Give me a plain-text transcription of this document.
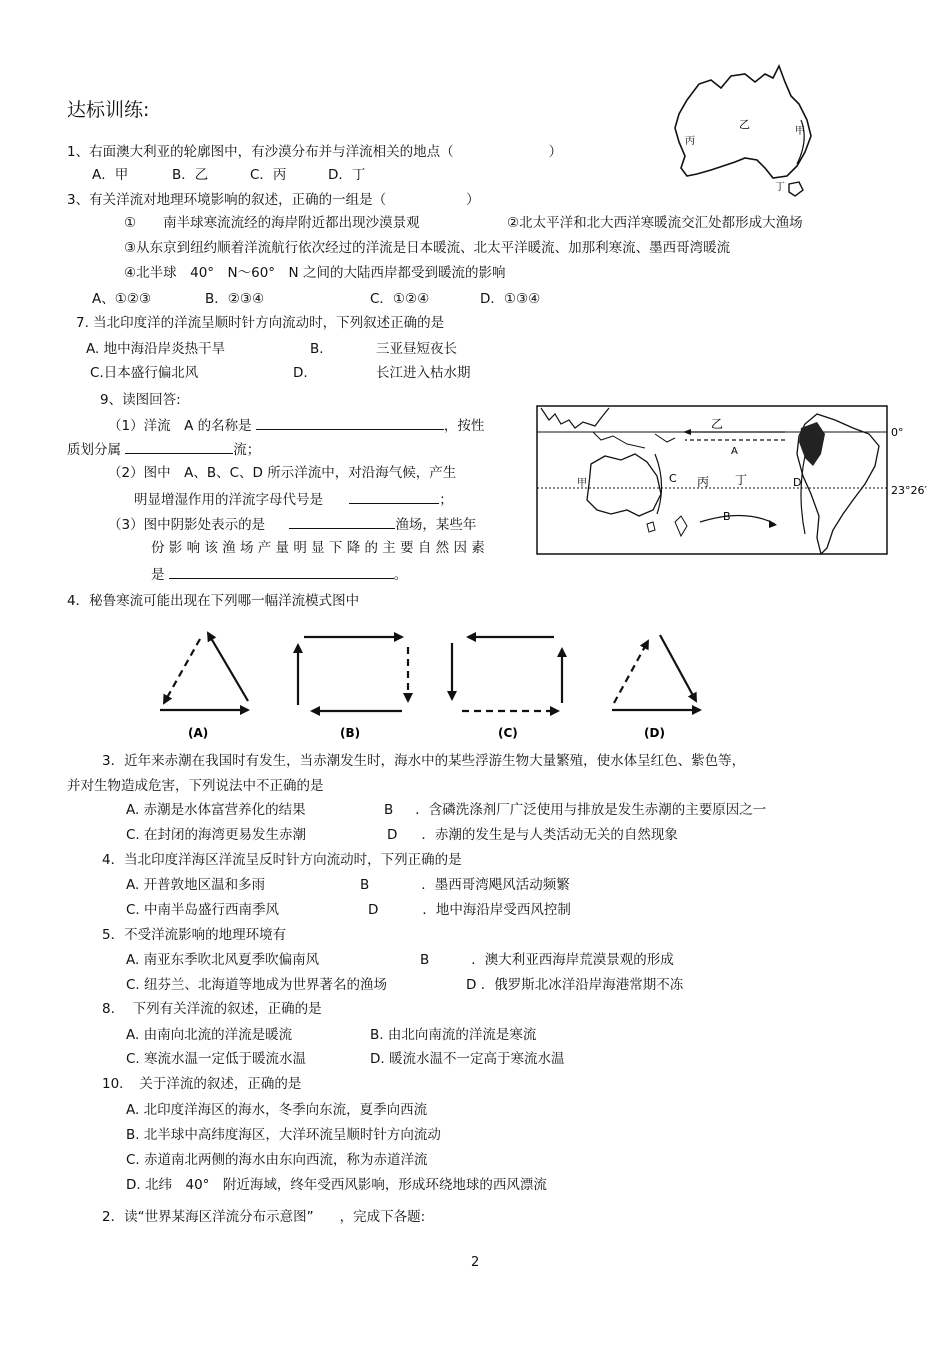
达标训练:
乙
丙
甲
丁
1、右面澳大利亚的轮廓图中，有沙漠分布并与洋流相关的地点（	）
A．甲	B．乙	C．丙	D．丁
3、有关洋流对地理环境影响的叙述，正确的一组是（	）
①　　南半球寒流流经的海岸附近都出现沙漠景观	②北太平洋和北大西洋寒暖流交汇处都形成大渔场
③从东京到纽约顺着洋流航行依次经过的洋流是日本暖流、北太平洋暖流、加那利寒流、墨西哥湾暖流
④北半球　40°　N～60°　N 之间的大陆西岸都受到暖流的影响
A、①②③	B．②③④	C．①②④	D．①③④
7. 当北印度洋的洋流呈顺时针方向流动时，下列叙述正确的是
A. 地中海沿岸炎热干旱	B.	三亚昼短夜长
C.日本盛行偏北风	D.	长江进入枯水期
9、读图回答:
（1）洋流　A 的名称是	，按性
质划分属	流；
（2）图中　A、B、C、D 所示洋流中，对沿海气候，产生
明显增湿作用的洋流字母代号是	；
（3）图中阴影处表示的是	渔场，某些年
份 影 响 该 渔 场 产 量 明 显 下 降 的 主 要 自 然 因 素
是	。
乙
A
甲	C 丙 丁	D
B
0°
23°26′
4．秘鲁寒流可能出现在下列哪一幅洋流模式图中
(A)	(B)	(C)	(D)
3．近年来赤潮在我国时有发生，当赤潮发生时，海水中的某些浮游生物大量繁殖，使水体呈红色、紫色等，
并对生物造成危害，下列说法中不正确的是
A. 赤潮是水体富营养化的结果	B ．含磷洗涤剂厂广泛使用与排放是发生赤潮的主要原因之一
C. 在封闭的海湾更易发生赤潮	D ．赤潮的发生是与人类活动无关的自然现象
4．当北印度洋海区洋流呈反时针方向流动时，下列正确的是
A. 开普敦地区温和多雨	B	．墨西哥湾飓风活动频繁
C. 中南半岛盛行西南季风	D	．地中海沿岸受西风控制
5．不受洋流影响的地理环境有
A. 南亚东季吹北风夏季吹偏南风	B	．澳大利亚西海岸荒漠景观的形成
C. 纽芬兰、北海道等地成为世界著名的渔场	D ．俄罗斯北冰洋沿岸海港常期不冻
8.　 下列有关洋流的叙述，正确的是
A. 由南向北流的洋流是暖流	B. 由北向南流的洋流是寒流
C. 寒流水温一定低于暖流水温	D. 暖流水温不一定高于寒流水温
10．　关于洋流的叙述，正确的是
A. 北印度洋海区的海水，冬季向东流，夏季向西流
B. 北半球中高纬度海区，大洋环流呈顺时针方向流动
C. 赤道南北两侧的海水由东向西流，称为赤道洋流
D. 北纬　40°　附近海域，终年受西风影响，形成环绕地球的西风漂流
2．读“世界某海区洋流分布示意图” ，完成下各题:
2
